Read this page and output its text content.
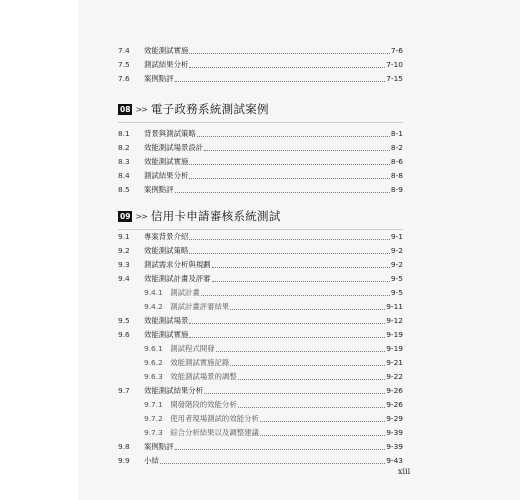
7.4	效能測試實施	7-6
7.5	測試結果分析	7-10
7.6	案例點評	7-15
08 >> 電子政務系統測試案例
8.1	背景與測試策略	8-1
8.2	效能測試場景設計	8-2
8.3	效能測試實施	8-6
8.4	測試結果分析	8-8
8.5	案例點評	8-9
09 >> 信用卡申請審核系統測試
9.1	專案背景介紹	9-1
9.2	效能測試策略	9-2
9.3	測試需求分析與規劃	9-2
9.4	效能測試計畫及評審	9-5
9.4.1　測試計畫	9-5
9.4.2　測試計畫評審結果	9-11
9.5	效能測試場景	9-12
9.6	效能測試實施	9-19
9.6.1　測試程式開發	9-19
9.6.2　效能測試實施記錄	9-21
9.6.3　效能測試場景的調整	9-22
9.7	效能測試結果分析	9-26
9.7.1　開發階段的效能分析	9-26
9.7.2　使用者現場測試的效能分析	9-29
9.7.3　綜合分析結果以及調整建議	9-39
9.8	案例點評	9-39
9.9	小結	9-43
xiii
